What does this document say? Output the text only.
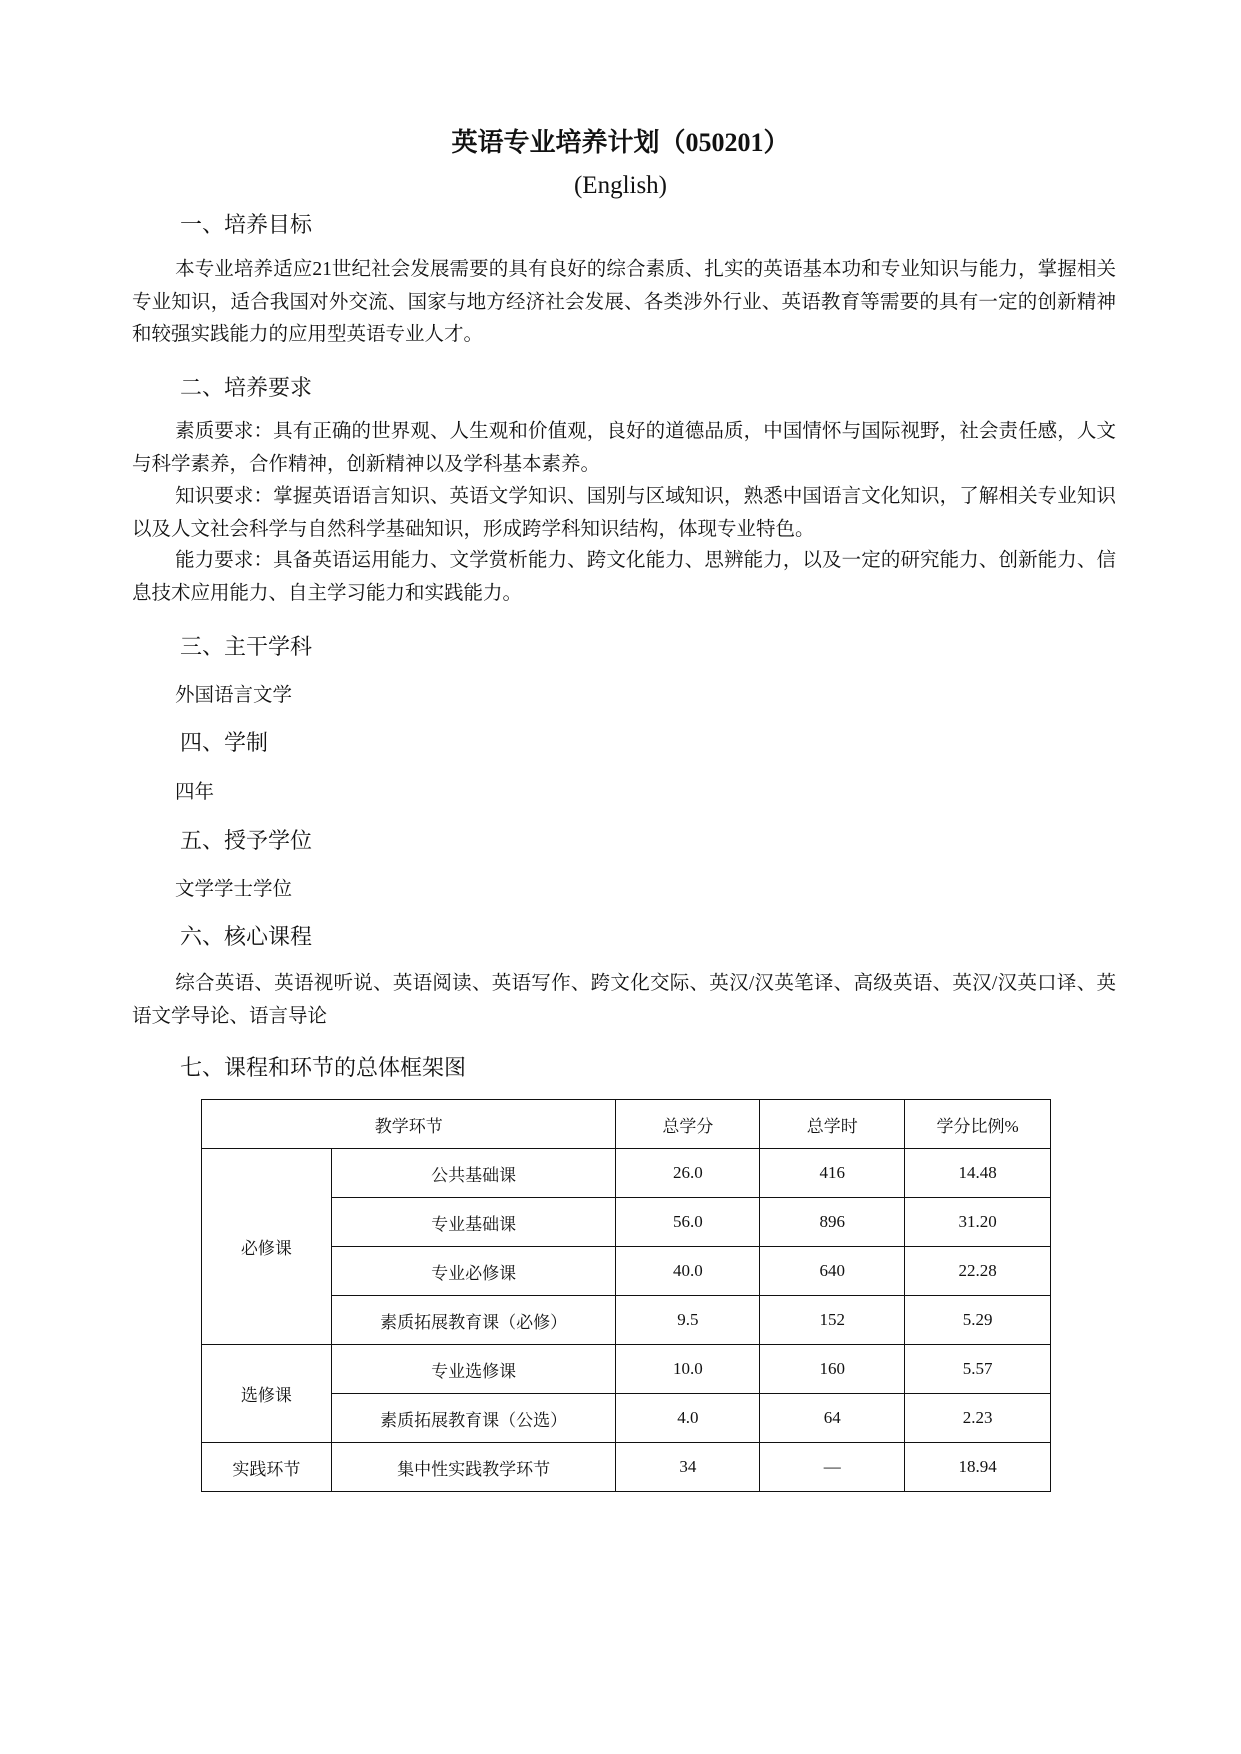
英语专业培养计划（050201）
(English)
一、培养目标
本专业培养适应21世纪社会发展需要的具有良好的综合素质、扎实的英语基本功和专业知识与能力，掌握相关专业知识，适合我国对外交流、国家与地方经济社会发展、各类涉外行业、英语教育等需要的具有一定的创新精神和较强实践能力的应用型英语专业人才。
二、培养要求
素质要求：具有正确的世界观、人生观和价值观，良好的道德品质，中国情怀与国际视野，社会责任感，人文与科学素养，合作精神，创新精神以及学科基本素养。
知识要求：掌握英语语言知识、英语文学知识、国别与区域知识，熟悉中国语言文化知识，了解相关专业知识以及人文社会科学与自然科学基础知识，形成跨学科知识结构，体现专业特色。
能力要求：具备英语运用能力、文学赏析能力、跨文化能力、思辨能力，以及一定的研究能力、创新能力、信息技术应用能力、自主学习能力和实践能力。
三、主干学科
外国语言文学
四、学制
四年
五、授予学位
文学学士学位
六、核心课程
综合英语、英语视听说、英语阅读、英语写作、跨文化交际、英汉/汉英笔译、高级英语、英汉/汉英口译、英语文学导论、语言导论
七、课程和环节的总体框架图
教学环节		总学分	总学时	学分比例%
必修课	公共基础课	26.0	416	14.48
	专业基础课	56.0	896	31.20
	专业必修课	40.0	640	22.28
	素质拓展教育课（必修）	9.5	152	5.29
选修课	专业选修课	10.0	160	5.57
	素质拓展教育课（公选）	4.0	64	2.23
实践环节	集中性实践教学环节	34	—	18.94
